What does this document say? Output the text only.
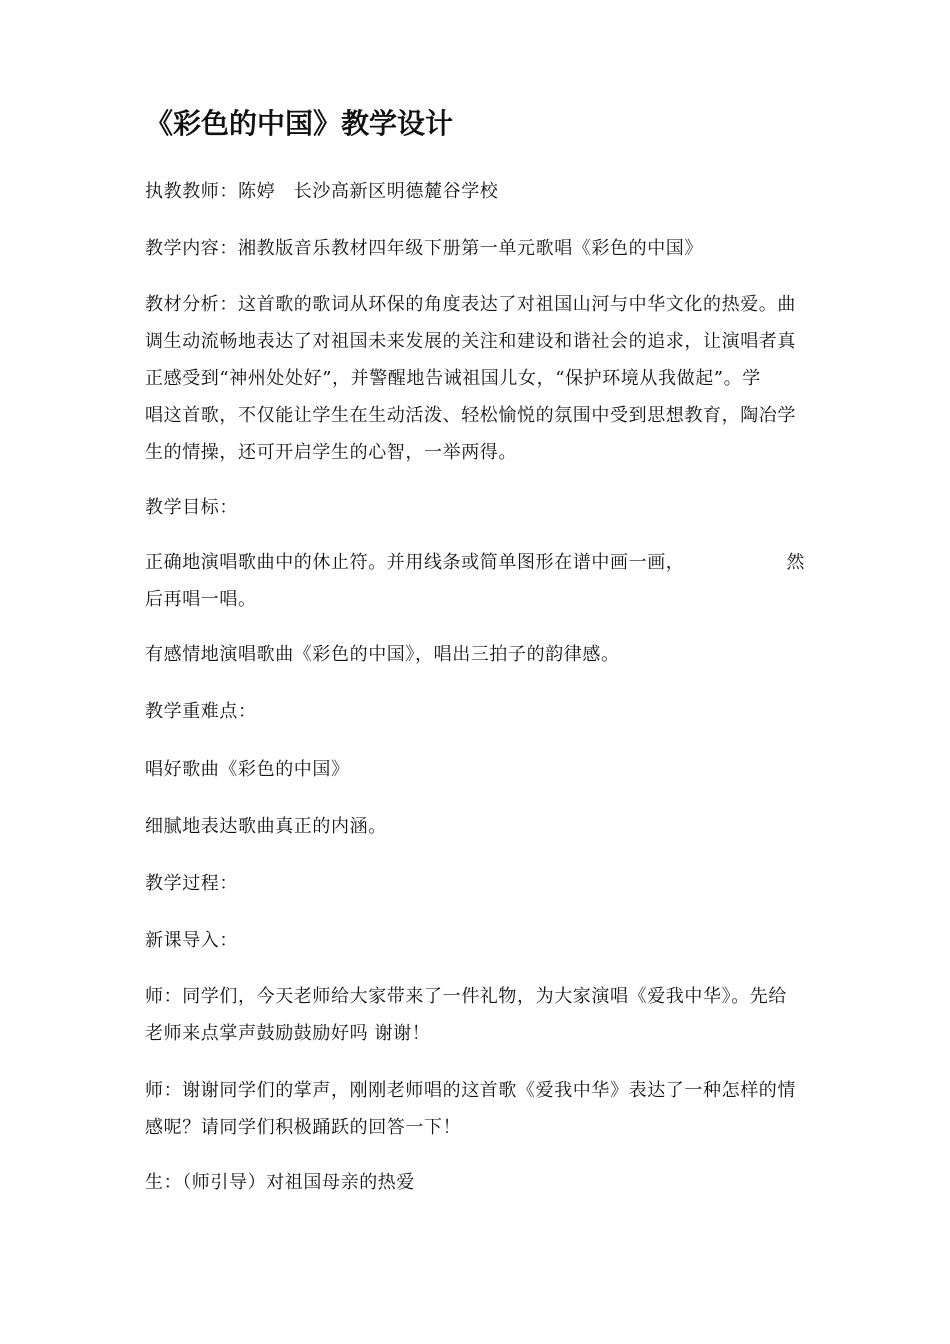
《彩色的中国》教学设计

执教教师：陈婷　长沙高新区明德麓谷学校

教学内容：湘教版音乐教材四年级下册第一单元歌唱《彩色的中国》

教材分析：这首歌的歌词从环保的角度表达了对祖国山河与中华文化的热爱。曲
调生动流畅地表达了对祖国未来发展的关注和建设和谐社会的追求，让演唱者真
正感受到“神州处处好”，并警醒地告诫祖国儿女，“保护环境从我做起”。学
唱这首歌，不仅能让学生在生动活泼、轻松愉悦的氛围中受到思想教育，陶冶学
生的情操，还可开启学生的心智，一举两得。

教学目标：

正确地演唱歌曲中的休止符。并用线条或简单图形在谱中画一画，	然
后再唱一唱。

有感情地演唱歌曲《彩色的中国》，唱出三拍子的韵律感。

教学重难点：

唱好歌曲《彩色的中国》

细腻地表达歌曲真正的内涵。

教学过程：

新课导入：

师：同学们，今天老师给大家带来了一件礼物，为大家演唱《爱我中华》。先给
老师来点掌声鼓励鼓励好吗 谢谢！

师：谢谢同学们的掌声，刚刚老师唱的这首歌《爱我中华》表达了一种怎样的情
感呢？请同学们积极踊跃的回答一下！

生：（师引导）对祖国母亲的热爱
